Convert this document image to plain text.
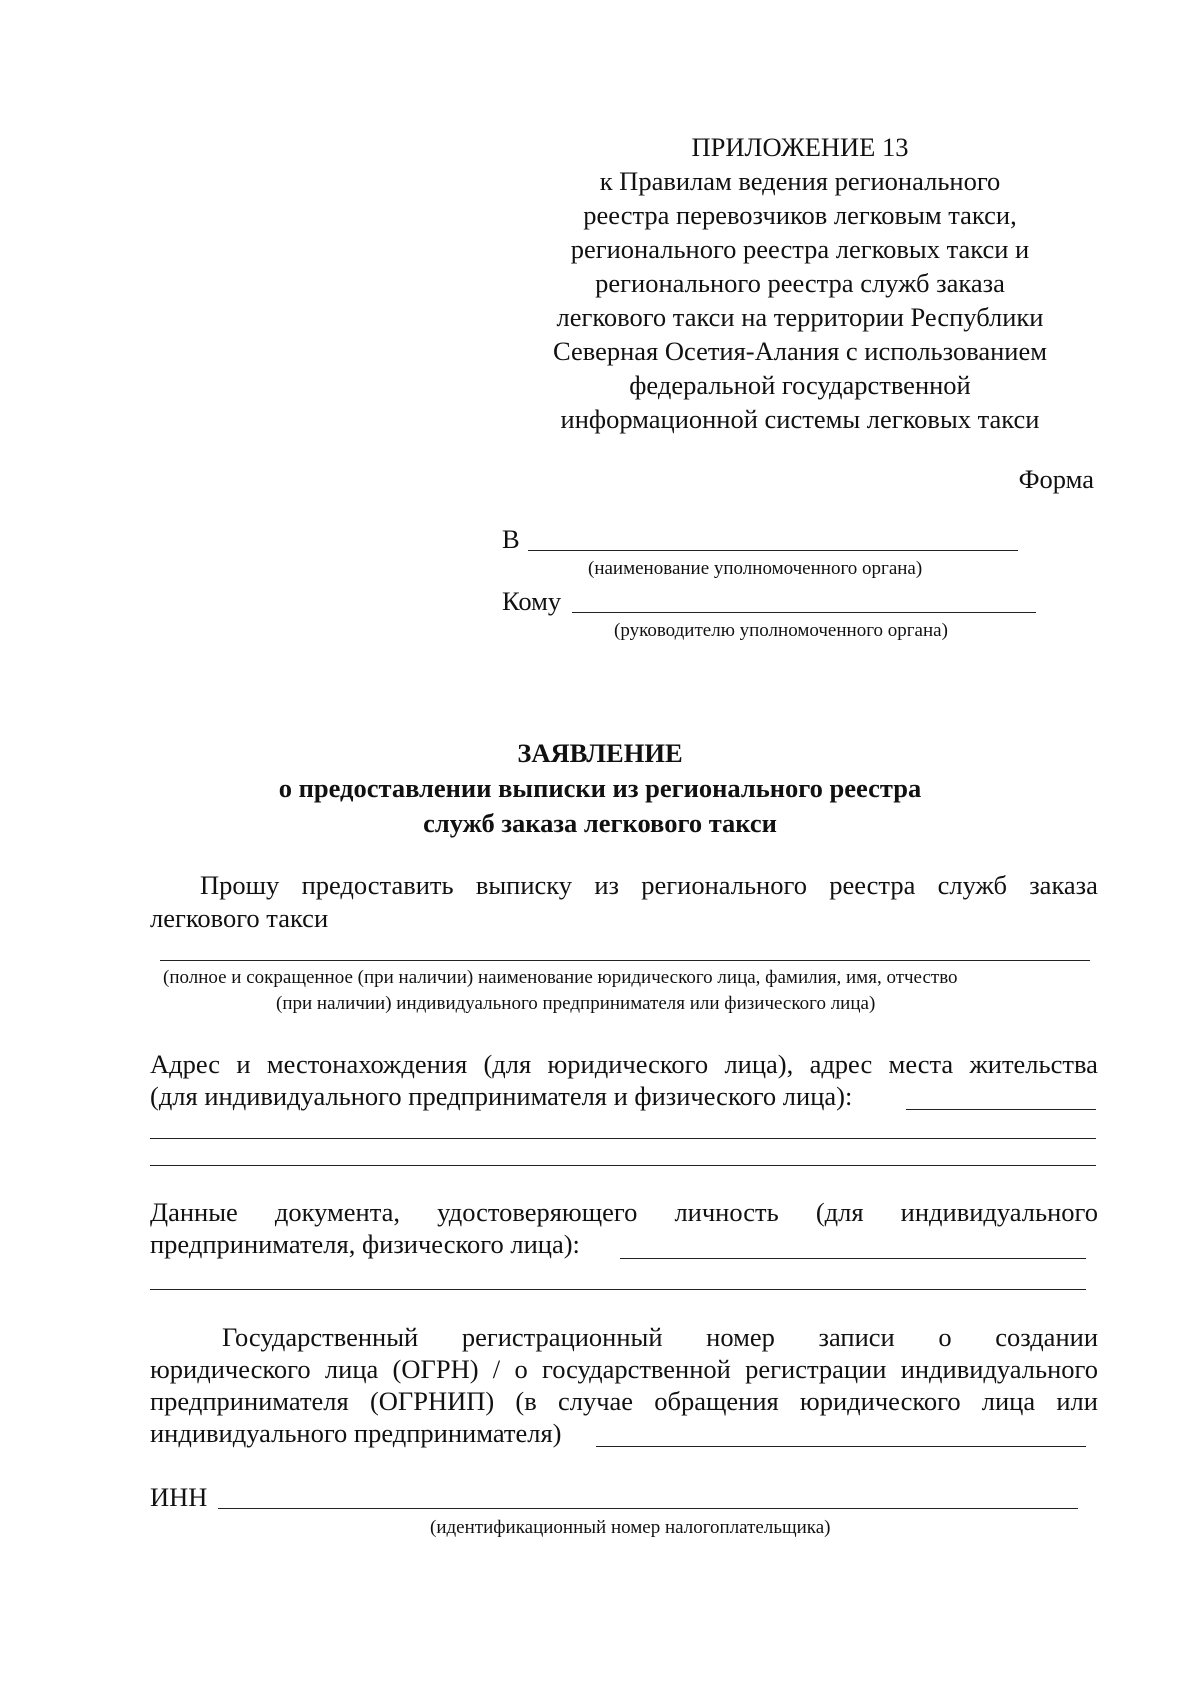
ПРИЛОЖЕНИЕ 13
к Правилам ведения регионального
реестра перевозчиков легковым такси,
регионального реестра легковых такси и
регионального реестра служб заказа
легкового такси на территории Республики
Северная Осетия-Алания с использованием
федеральной государственной
информационной системы легковых такси
Форма
В
(наименование уполномоченного органа)
Кому
(руководителю уполномоченного органа)
ЗАЯВЛЕНИЕ
о предоставлении выписки из регионального реестра
служб заказа легкового такси
Прошу предоставить выписку из регионального реестра служб заказа
легкового такси
(полное и сокращенное (при наличии) наименование юридического лица, фамилия, имя, отчество
(при наличии) индивидуального предпринимателя или физического лица)
Адрес и местонахождения (для юридического лица), адрес места жительства
(для индивидуального предпринимателя и физического лица):
Данные документа, удостоверяющего личность (для индивидуального
предпринимателя, физического лица):
Государственный регистрационный номер записи о создании
юридического лица (ОГРН) / о государственной регистрации индивидуального
предпринимателя (ОГРНИП) (в случае обращения юридического лица или
индивидуального предпринимателя)
ИНН
(идентификационный номер налогоплательщика)
